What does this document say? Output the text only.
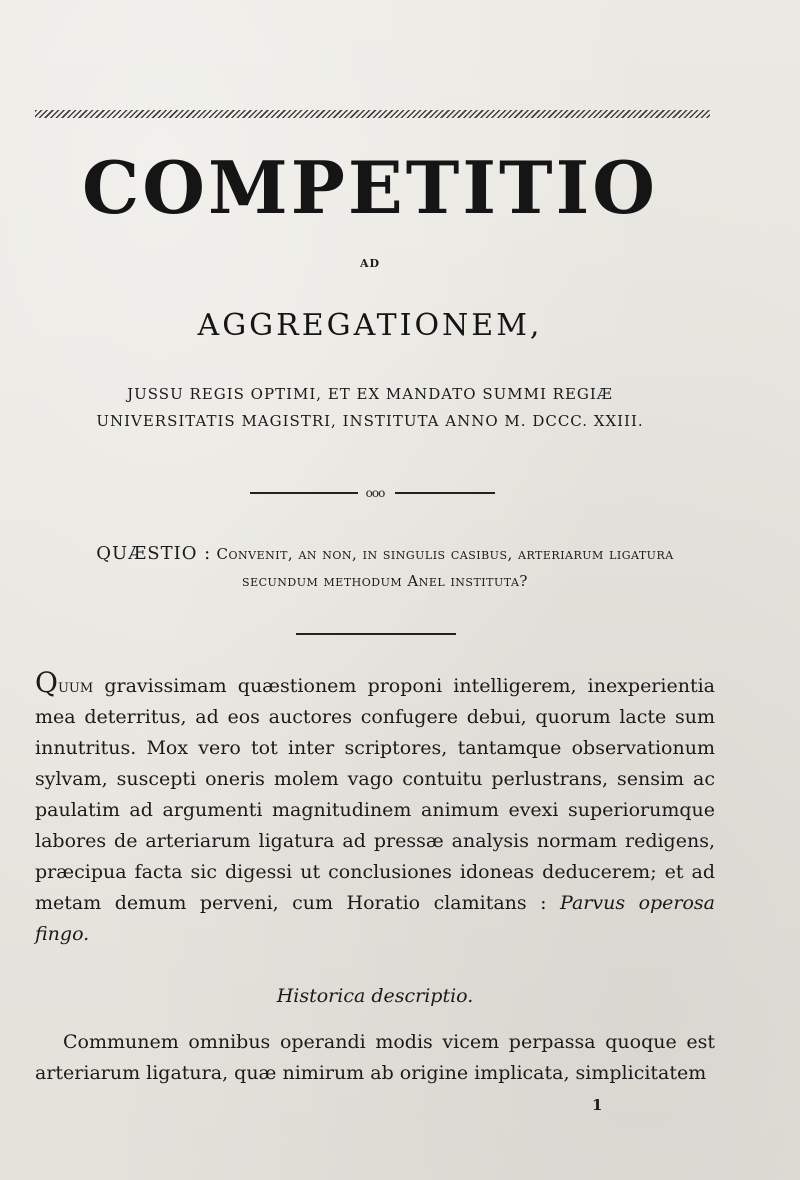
COMPETITIO
AD
AGGREGATIONEM,
JUSSU REGIS OPTIMI, ET EX MANDATO SUMMI REGIÆ
UNIVERSITATIS MAGISTRI, INSTITUTA ANNO M. DCCC. XXIII.
ooo
QUÆSTIO : Convenit, an non, in singulis casibus, arteriarum ligatura
secundum methodum Anel instituta?

Quum gravissimam quæstionem proponi intelligerem, inexperientia mea deterritus, ad eos auctores confugere debui, quorum lacte sum innutritus. Mox vero tot inter scriptores, tantamque observationum sylvam, suscepti oneris molem vago contuitu perlustrans, sensim ac paulatim ad argumenti magnitudinem animum evexi superiorumque labores de arteriarum ligatura ad pressæ analysis normam redigens, præcipua facta sic digessi ut conclusiones idoneas deducerem; et ad metam demum perveni, cum Horatio clamitans : Parvus operosa fingo.

Historica descriptio.

Communem omnibus operandi modis vicem perpassa quoque est arteriarum ligatura, quæ nimirum ab origine implicata, simplicitatem

1
